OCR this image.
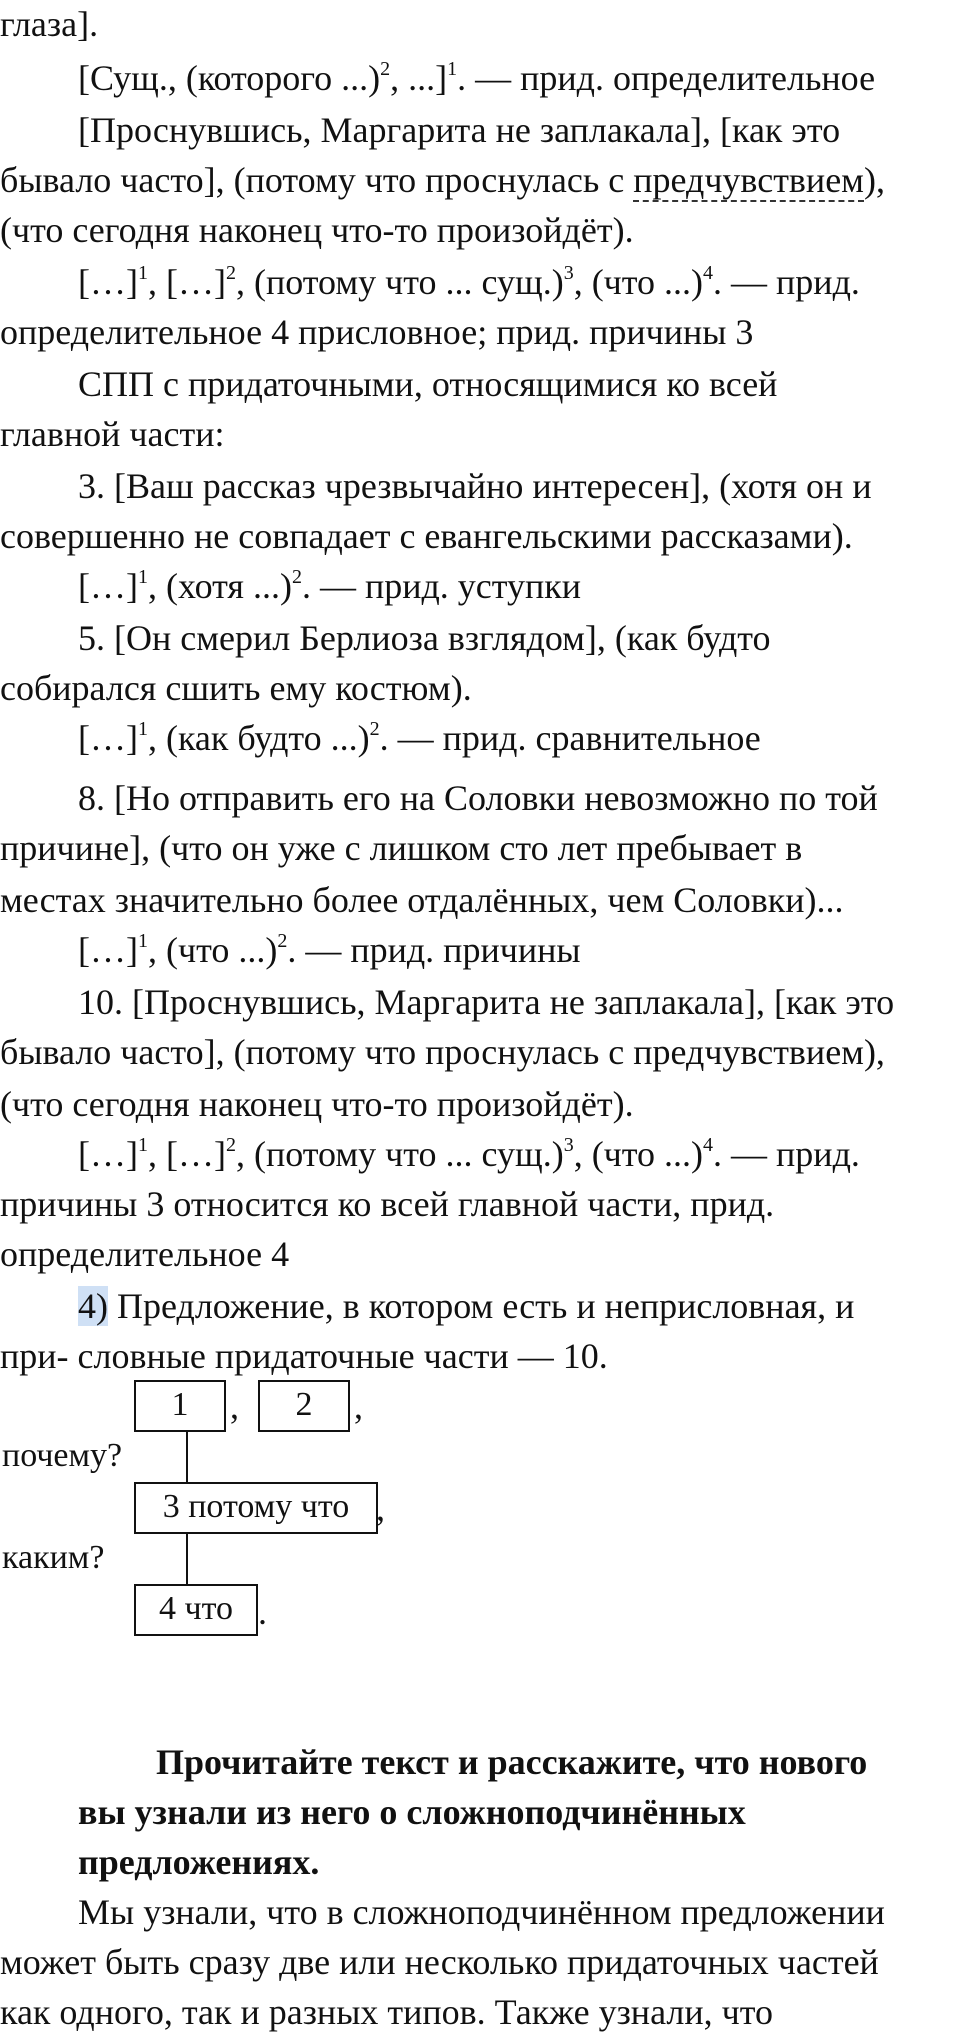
глаза].
[Сущ., (которого ...)$^2$, ...]$^1$. — прид. определительное
[Проснувшись, Маргарита не заплакала], [как это
бывало часто], (потому что проснулась с предчувствием),
(что сегодня наконец что-то произойдёт).
[…]$^1$, […]$^2$, (потому что ... сущ.)$^3$, (что ...)$^4$. — прид.
определительное 4 присловное; прид. причины 3
СПП с придаточными, относящимися ко всей
главной части:
3. [Ваш рассказ чрезвычайно интересен], (хотя он и
совершенно не совпадает с евангельскими рассказами).
[…]$^1$, (хотя ...)$^2$. — прид. уступки
5. [Он смерил Берлиоза взглядом], (как будто
собирался сшить ему костюм).
[…]$^1$, (как будто ...)$^2$. — прид. сравнительное
8. [Но отправить его на Соловки невозможно по той
причине], (что он уже с лишком сто лет пребывает в
местах значительно более отдалённых, чем Соловки)...
[…]$^1$, (что ...)$^2$. — прид. причины
10. [Проснувшись, Маргарита не заплакала], [как это
бывало часто], (потому что проснулась с предчувствием),
(что сегодня наконец что-то произойдёт).
[…]$^1$, […]$^2$, (потому что ... сущ.)$^3$, (что ...)$^4$. — прид.
причины 3 относится ко всей главной части, прид.
определительное 4
4) Предложение, в котором есть и неприсловная, и
при- словные придаточные части — 10.
1	,	2	,
почему?
3 потому что ,
каким?
4 что .
Прочитайте текст и расскажите, что нового
вы узнали из него о сложноподчинённых
предложениях.
Мы узнали, что в сложноподчинённом предложении
может быть сразу две или несколько придаточных частей
как одного, так и разных типов. Также узнали, что
